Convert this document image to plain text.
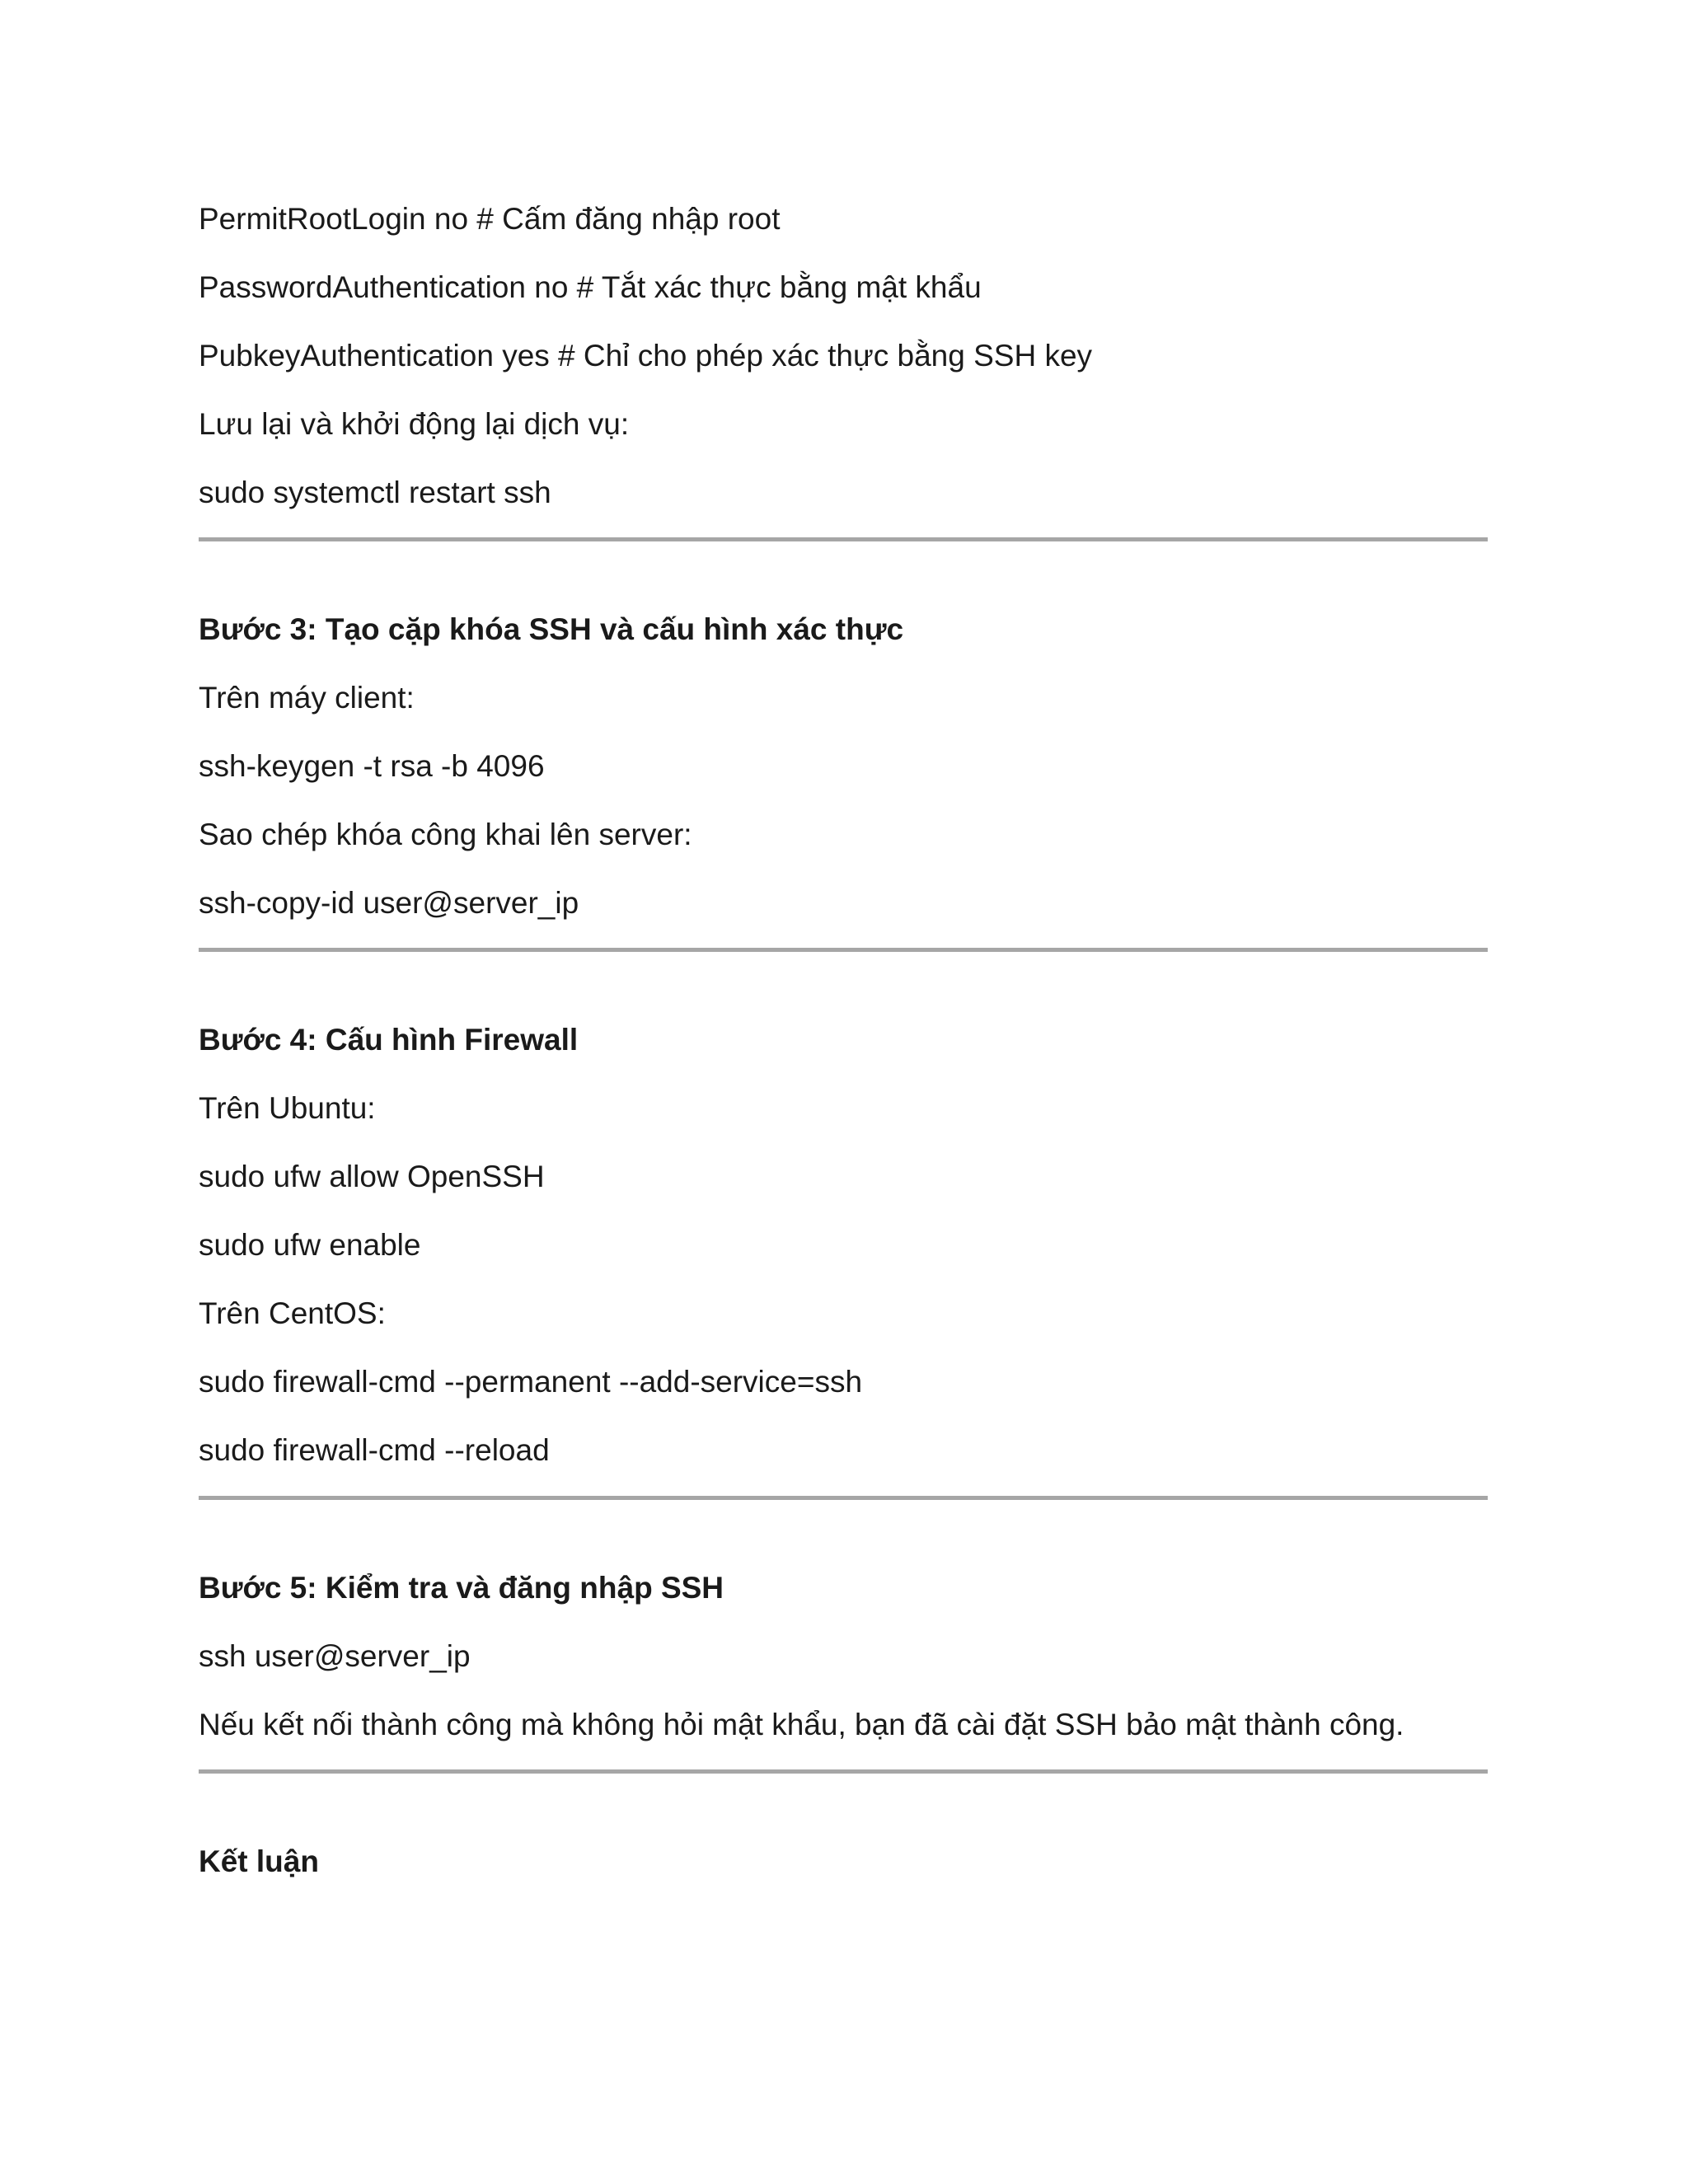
PermitRootLogin no # Cấm đăng nhập root

PasswordAuthentication no # Tắt xác thực bằng mật khẩu

PubkeyAuthentication yes # Chỉ cho phép xác thực bằng SSH key

Lưu lại và khởi động lại dịch vụ:

sudo systemctl restart ssh

Bước 3: Tạo cặp khóa SSH và cấu hình xác thực

Trên máy client:

ssh-keygen -t rsa -b 4096

Sao chép khóa công khai lên server:

ssh-copy-id user@server_ip

Bước 4: Cấu hình Firewall

Trên Ubuntu:

sudo ufw allow OpenSSH

sudo ufw enable

Trên CentOS:

sudo firewall-cmd --permanent --add-service=ssh

sudo firewall-cmd --reload

Bước 5: Kiểm tra và đăng nhập SSH

ssh user@server_ip

Nếu kết nối thành công mà không hỏi mật khẩu, bạn đã cài đặt SSH bảo mật thành công.

Kết luận
